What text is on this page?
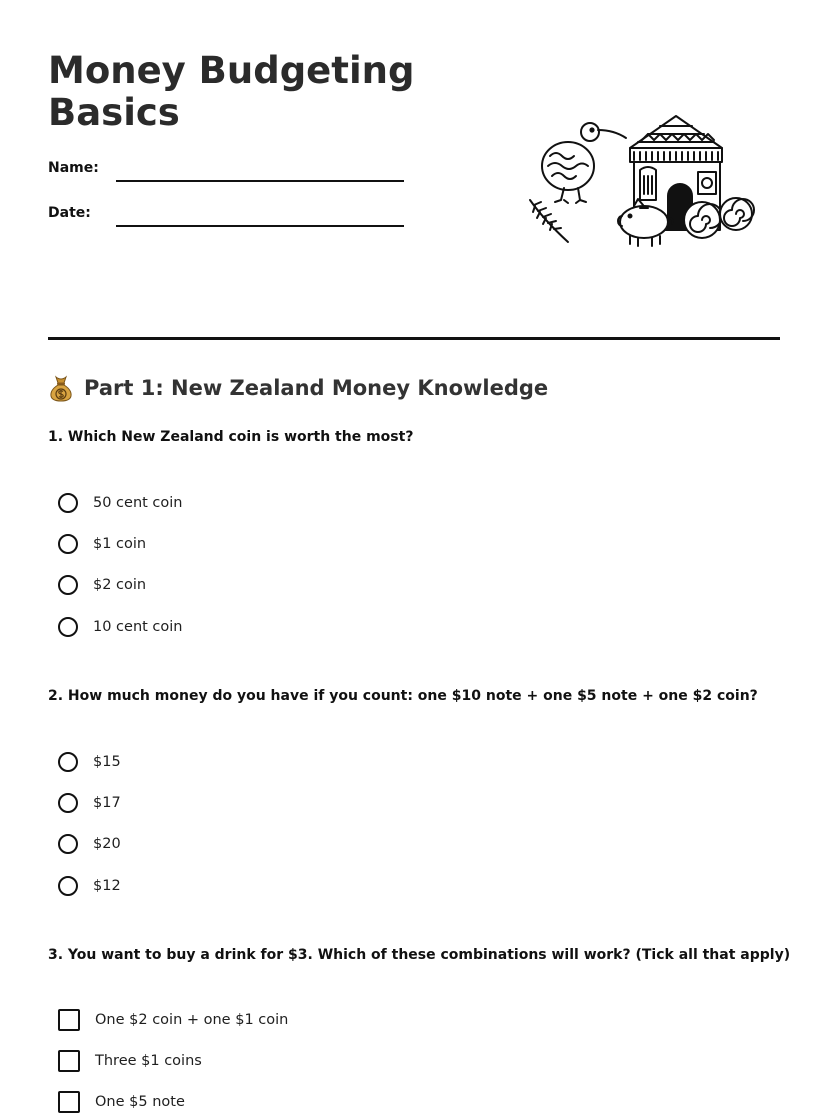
Money Budgeting Basics
Name:
Date:
Part 1: New Zealand Money Knowledge

1. Which New Zealand coin is worth the most?

50 cent coin
$1 coin
$2 coin
10 cent coin

2. How much money do you have if you count: one $10 note + one $5 note + one $2 coin?

$15
$17
$20
$12

3. You want to buy a drink for $3. Which of these combinations will work? (Tick all that apply)

One $2 coin + one $1 coin
Three $1 coins
One $5 note
